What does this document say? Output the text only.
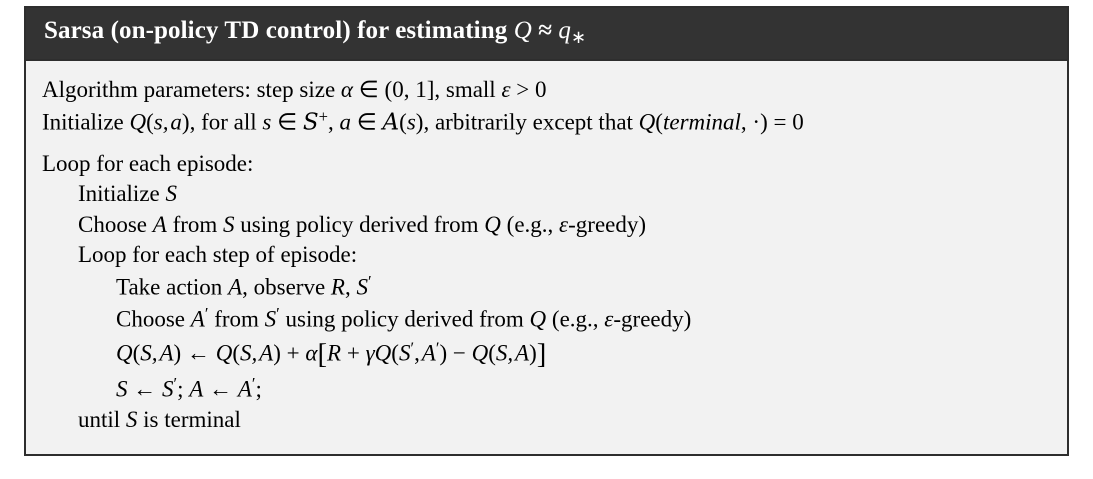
Sarsa (on-policy TD control) for estimating $Q \approx q_∗$
Algorithm parameters: step size α ∈ (0, 1], small ε > 0
Initialize Q(s, a), for all s ∈ S+, a ∈ A(s), arbitrarily except that Q(terminal, ·) = 0
Loop for each episode:
Initialize S
Choose A from S using policy derived from Q (e.g., ε-greedy)
Loop for each step of episode:
Take action A, observe R, S′
Choose A′ from S′ using policy derived from Q (e.g., ε-greedy)
Q(S, A) ← Q(S, A) + α[R + γQ(S′, A′) − Q(S, A)]
S ← S′; A ← A′;
until S is terminal
